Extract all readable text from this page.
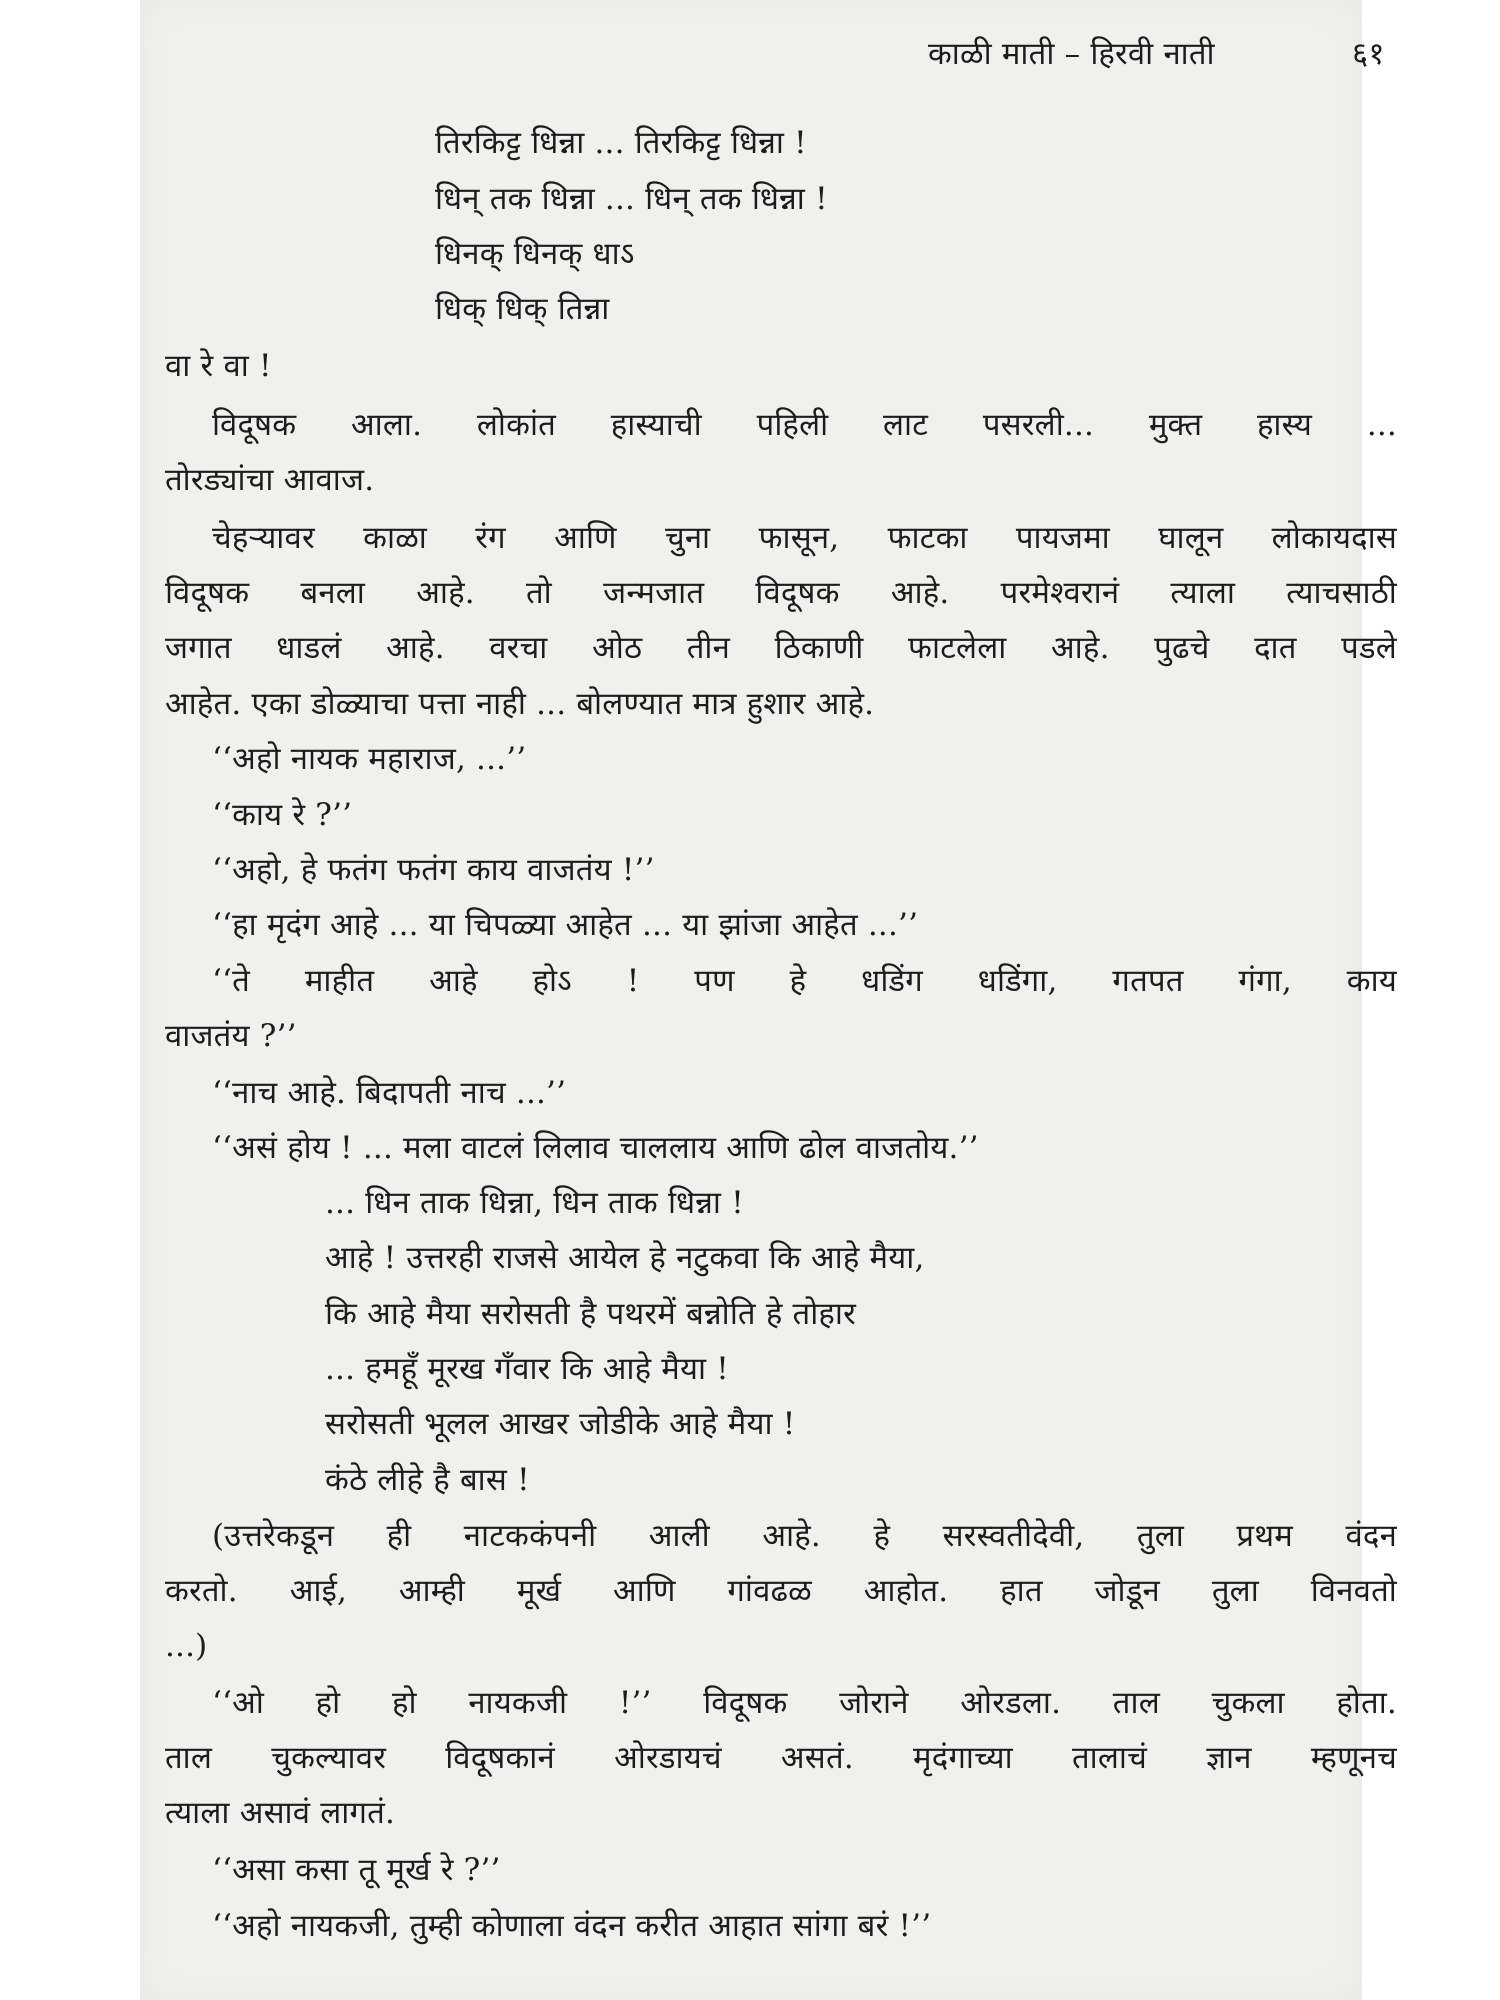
काळी माती – हिरवी नाती	६१
तिरकिट्ट धिन्ना ... तिरकिट्ट धिन्ना !
धिन् तक धिन्ना ... धिन् तक धिन्ना !
धिनक् धिनक् धाऽ
धिक् धिक् तिन्ना
वा रे वा !
विदूषक आला. लोकांत हास्याची पहिली लाट पसरली... मुक्त हास्य ...
तोरड्यांचा आवाज.
चेहऱ्यावर काळा रंग आणि चुना फासून, फाटका पायजमा घालून लोकायदास
विदूषक बनला आहे. तो जन्मजात विदूषक आहे. परमेश्वरानं त्याला त्याचसाठी
जगात धाडलं आहे. वरचा ओठ तीन ठिकाणी फाटलेला आहे. पुढचे दात पडले
आहेत. एका डोळ्याचा पत्ता नाही ... बोलण्यात मात्र हुशार आहे.
‘‘अहो नायक महाराज, ...’’
‘‘काय रे ?’’
‘‘अहो, हे फतंग फतंग काय वाजतंय !’’
‘‘हा मृदंग आहे ... या चिपळ्या आहेत ... या झांजा आहेत ...’’
‘‘ते माहीत आहे होऽ ! पण हे धडिंग धडिंगा, गतपत गंगा, काय
वाजतंय ?’’
‘‘नाच आहे. बिदापती नाच ...’’
‘‘असं होय ! ... मला वाटलं लिलाव चाललाय आणि ढोल वाजतोय.’’
... धिन ताक धिन्ना, धिन ताक धिन्ना !
आहे ! उत्तरही राजसे आयेल हे नटुकवा कि आहे मैया,
कि आहे मैया सरोसती है पथरमें बन्नोति हे तोहार
... हमहूँ मूरख गँवार कि आहे मैया !
सरोसती भूलल आखर जोडीके आहे मैया !
कंठे लीहे है बास !
(उत्तरेकडून ही नाटककंपनी आली आहे. हे सरस्वतीदेवी, तुला प्रथम वंदन
करतो. आई, आम्ही मूर्ख आणि गांवढळ आहोत. हात जोडून तुला विनवतो
...)
‘‘ओ हो हो नायकजी !’’ विदूषक जोराने ओरडला. ताल चुकला होता.
ताल चुकल्यावर विदूषकानं ओरडायचं असतं. मृदंगाच्या तालाचं ज्ञान म्हणूनच
त्याला असावं लागतं.
‘‘असा कसा तू मूर्ख रे ?’’
‘‘अहो नायकजी, तुम्ही कोणाला वंदन करीत आहात सांगा बरं !’’
